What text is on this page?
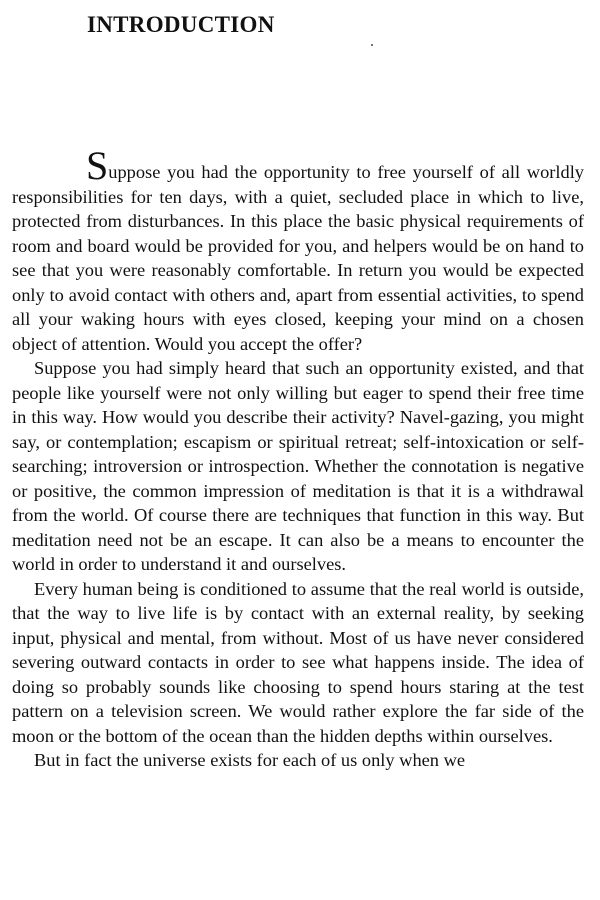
INTRODUCTION

Suppose you had the opportunity to free yourself of all worldly responsibilities for ten days, with a quiet, secluded place in which to live, protected from disturbances. In this place the basic physical requirements of room and board would be provided for you, and helpers would be on hand to see that you were reasonably comfortable. In return you would be expected only to avoid contact with others and, apart from essential activities, to spend all your waking hours with eyes closed, keeping your mind on a chosen object of attention. Would you accept the offer?

Suppose you had simply heard that such an opportunity existed, and that people like yourself were not only willing but eager to spend their free time in this way. How would you describe their activity? Navel-gazing, you might say, or contemplation; escapism or spiritual retreat; self-intoxication or self-searching; introversion or introspection. Whether the connotation is negative or positive, the common impression of meditation is that it is a withdrawal from the world. Of course there are techniques that function in this way. But meditation need not be an escape. It can also be a means to encounter the world in order to understand it and ourselves.

Every human being is conditioned to assume that the real world is outside, that the way to live life is by contact with an external reality, by seeking input, physical and mental, from without. Most of us have never considered severing outward contacts in order to see what happens inside. The idea of doing so probably sounds like choosing to spend hours staring at the test pattern on a television screen. We would rather explore the far side of the moon or the bottom of the ocean than the hidden depths within ourselves.

But in fact the universe exists for each of us only when we
